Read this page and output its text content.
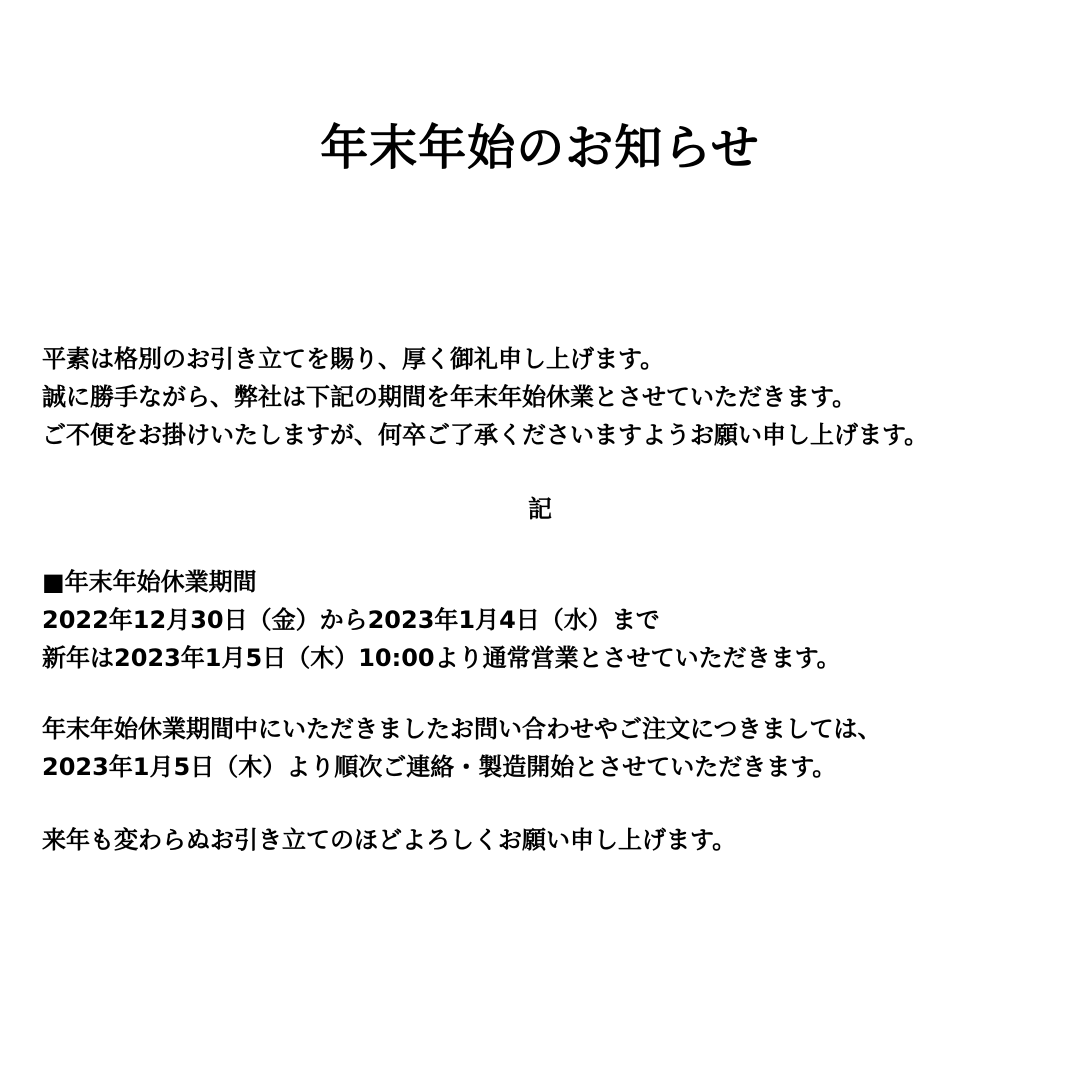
年末年始のお知らせ
平素は格別のお引き立てを賜り、厚く御礼申し上げます。
誠に勝手ながら、弊社は下記の期間を年末年始休業とさせていただきます。
ご不便をお掛けいたしますが、何卒ご了承くださいますようお願い申し上げます。
記
■年末年始休業期間
2022年12月30日（金）から2023年1月4日（水）まで
新年は2023年1月5日（木）10:00より通常営業とさせていただきます。
年末年始休業期間中にいただきましたお問い合わせやご注文につきましては、
2023年1月5日（木）より順次ご連絡・製造開始とさせていただきます。
来年も変わらぬお引き立てのほどよろしくお願い申し上げます。
